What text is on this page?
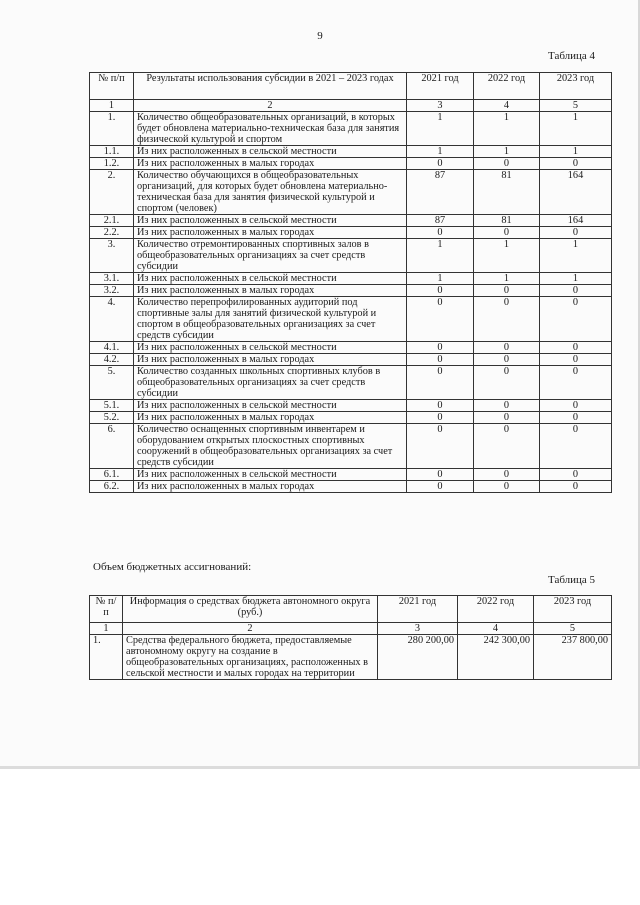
9
Таблица 4
№ п/п	Результаты использования субсидии в 2021 – 2023 годах	2021 год	2022 год	2023 год
1	2	3	4	5
1.	Количество общеобразовательных организаций, в которых будет обновлена материально-техническая база для занятия физической культурой и спортом	1	1	1
1.1.	Из них расположенных в сельской местности	1	1	1
1.2.	Из них расположенных в малых городах	0	0	0
2.	Количество обучающихся в общеобразовательных организаций, для которых будет обновлена материально-техническая база для занятия физической культурой и спортом (человек)	87	81	164
2.1.	Из них расположенных в сельской местности	87	81	164
2.2.	Из них расположенных в малых городах	0	0	0
3.	Количество отремонтированных спортивных залов в общеобразовательных организациях за счет средств субсидии	1	1	1
3.1.	Из них расположенных в сельской местности	1	1	1
3.2.	Из них расположенных в малых городах	0	0	0
4.	Количество перепрофилированных аудиторий под спортивные залы для занятий физической культурой и спортом в общеобразовательных организациях за счет средств субсидии	0	0	0
4.1.	Из них расположенных в сельской местности	0	0	0
4.2.	Из них расположенных в малых городах	0	0	0
5.	Количество созданных школьных спортивных клубов в общеобразовательных организациях за счет средств субсидии	0	0	0
5.1.	Из них расположенных в сельской местности	0	0	0
5.2.	Из них расположенных в малых городах	0	0	0
6.	Количество оснащенных спортивным инвентарем и оборудованием открытых плоскостных спортивных сооружений в общеобразовательных организациях за счет средств субсидии	0	0	0
6.1.	Из них расположенных в сельской местности	0	0	0
6.2.	Из них расположенных в малых городах	0	0	0
Объем бюджетных ассигнований:
Таблица 5
№ п/п	Информация о средствах бюджета автономного округа (руб.)	2021 год	2022 год	2023 год
1	2	3	4	5
1.	Средства федерального бюджета, предоставляемые автономному округу на создание в общеобразовательных организациях, расположенных в сельской местности и малых городах на территории	280 200,00	242 300,00	237 800,00
